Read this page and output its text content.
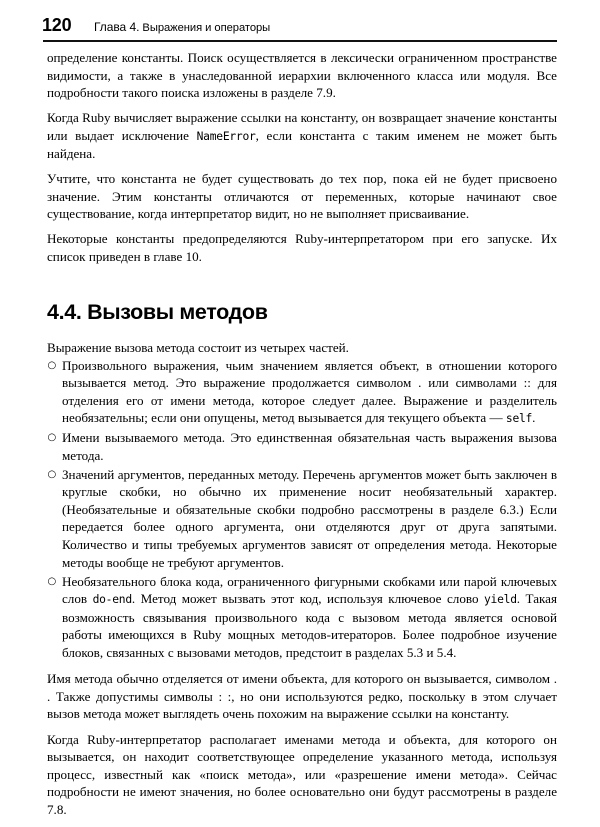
120	Глава 4. Выражения и операторы

определение константы. Поиск осуществляется в лексически ограниченном пространстве видимости, а также в унаследованной иерархии включенного класса или модуля. Все подробности такого поиска изложены в разделе 7.9.

Когда Ruby вычисляет выражение ссылки на константу, он возвращает значение константы или выдает исключение NameError, если константа с таким именем не может быть найдена.

Учтите, что константа не будет существовать до тех пор, пока ей не будет присвоено значение. Этим константы отличаются от переменных, которые начинают свое существование, когда интерпретатор видит, но не выполняет присваивание.

Некоторые константы предопределяются Ruby-интерпретатором при его запуске. Их список приведен в главе 10.

4.4. Вызовы методов

Выражение вызова метода состоит из четырех частей.

○ Произвольного выражения, чьим значением является объект, в отношении которого вызывается метод. Это выражение продолжается символом . или символами :: для отделения его от имени метода, которое следует далее. Выражение и разделитель необязательны; если они опущены, метод вызывается для текущего объекта — self.
○ Имени вызываемого метода. Это единственная обязательная часть выражения вызова метода.
○ Значений аргументов, переданных методу. Перечень аргументов может быть заключен в круглые скобки, но обычно их применение носит необязательный характер. (Необязательные и обязательные скобки подробно рассмотрены в разделе 6.3.) Если передается более одного аргумента, они отделяются друг от друга запятыми. Количество и типы требуемых аргументов зависят от определения метода. Некоторые методы вообще не требуют аргументов.
○ Необязательного блока кода, ограниченного фигурными скобками или парой ключевых слов do-end. Метод может вызвать этот код, используя ключевое слово yield. Такая возможность связывания произвольного кода с вызовом метода является основой работы имеющихся в Ruby мощных методов-итераторов. Более подробное изучение блоков, связанных с вызовами методов, предстоит в разделах 5.3 и 5.4.

Имя метода обычно отделяется от имени объекта, для которого он вызывается, символом . . Также допустимы символы : :, но они используются редко, поскольку в этом случает вызов метода может выглядеть очень похожим на выражение ссылки на константу.

Когда Ruby-интерпретатор располагает именами метода и объекта, для которого он вызывается, он находит соответствующее определение указанного метода, используя процесс, известный как «поиск метода», или «разрешение имени метода». Сейчас подробности не имеют значения, но более основательно они будут рассмотрены в разделе 7.8.
